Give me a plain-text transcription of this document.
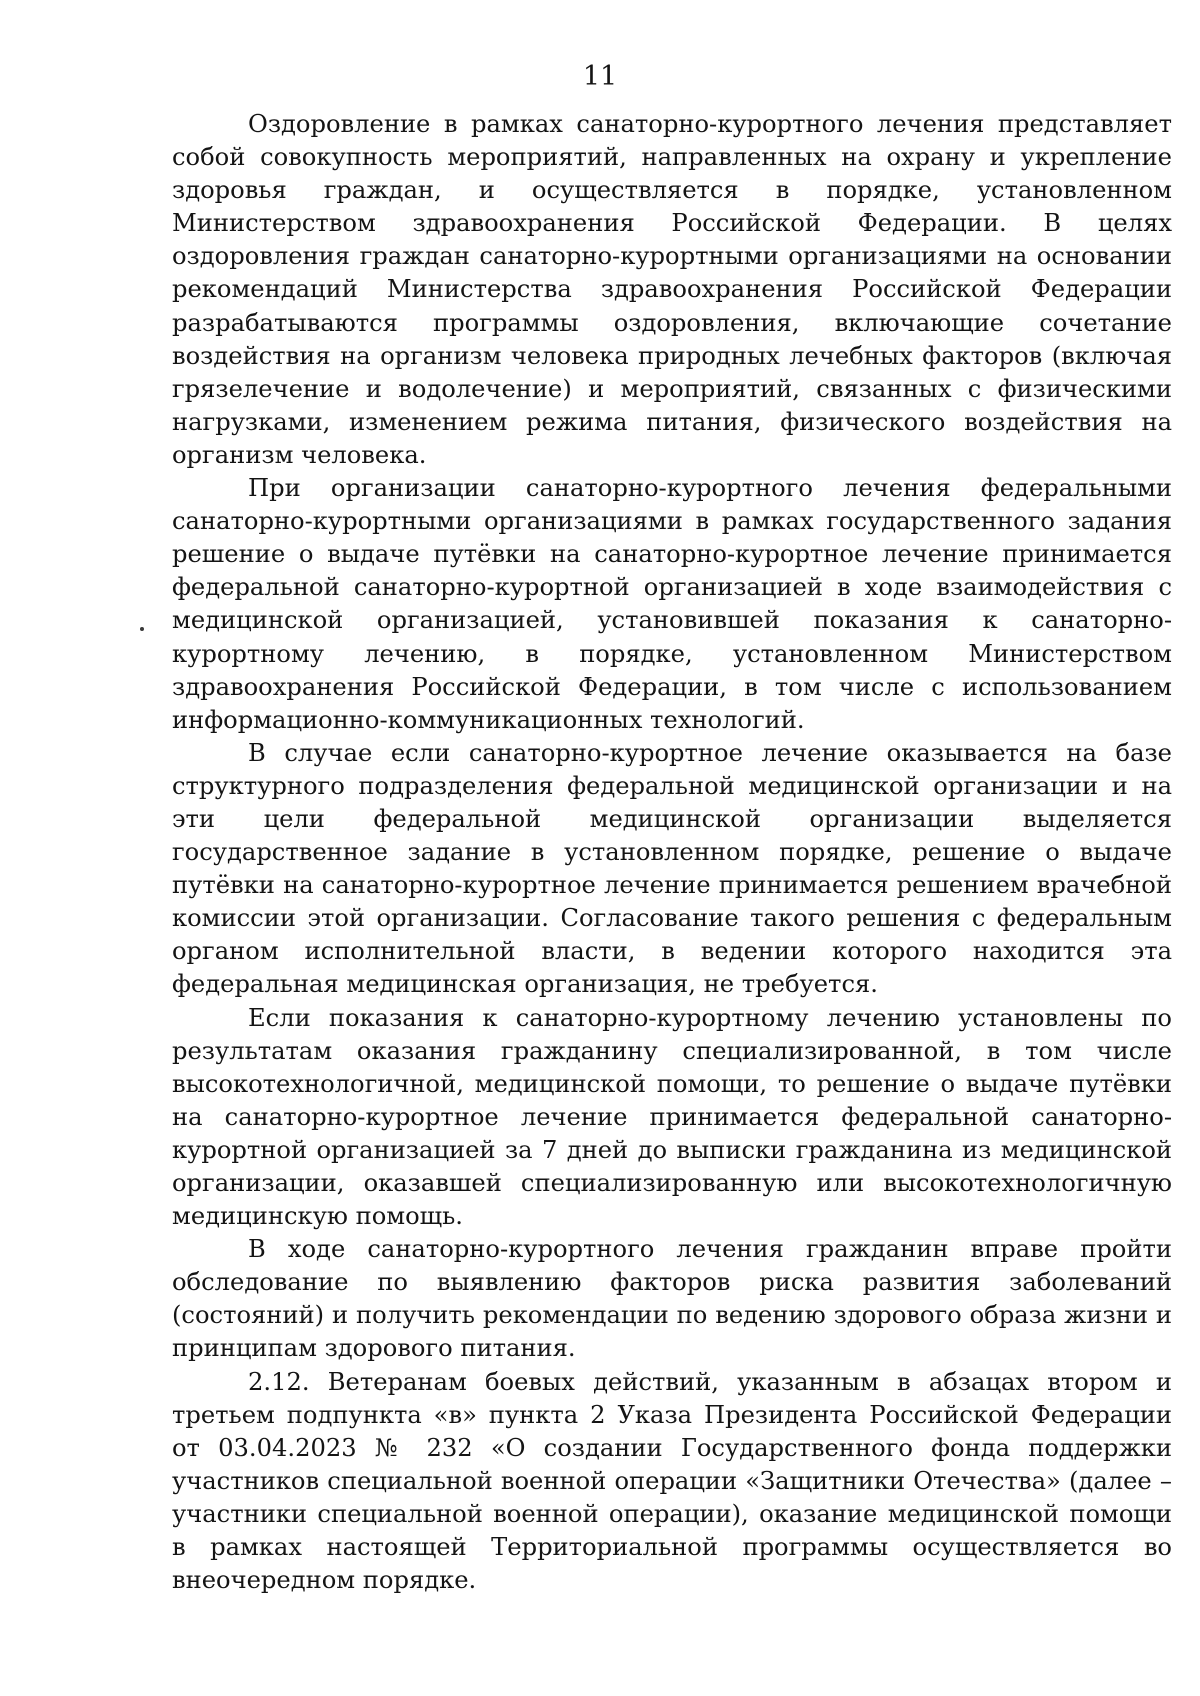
11

Оздоровление в рамках санаторно-курортного лечения представляет собой совокупность мероприятий, направленных на охрану и укрепление здоровья граждан, и осуществляется в порядке, установленном Министерством здравоохранения Российской Федерации. В целях оздоровления граждан санаторно-курортными организациями на основании рекомендаций Министерства здравоохранения Российской Федерации разрабатываются программы оздоровления, включающие сочетание воздействия на организм человека природных лечебных факторов (включая грязелечение и водолечение) и мероприятий, связанных с физическими нагрузками, изменением режима питания, физического воздействия на организм человека.

При организации санаторно-курортного лечения федеральными санаторно-курортными организациями в рамках государственного задания решение о выдаче путёвки на санаторно-курортное лечение принимается федеральной санаторно-курортной организацией в ходе взаимодействия с медицинской организацией, установившей показания к санаторно-курортному лечению, в порядке, установленном Министерством здравоохранения Российской Федерации, в том числе с использованием информационно-коммуникационных технологий.

В случае если санаторно-курортное лечение оказывается на базе структурного подразделения федеральной медицинской организации и на эти цели федеральной медицинской организации выделяется государственное задание в установленном порядке, решение о выдаче путёвки на санаторно-курортное лечение принимается решением врачебной комиссии этой организации. Согласование такого решения с федеральным органом исполнительной власти, в ведении которого находится эта федеральная медицинская организация, не требуется.

Если показания к санаторно-курортному лечению установлены по результатам оказания гражданину специализированной, в том числе высокотехнологичной, медицинской помощи, то решение о выдаче путёвки на санаторно-курортное лечение принимается федеральной санаторно-курортной организацией за 7 дней до выписки гражданина из медицинской организации, оказавшей специализированную или высокотехнологичную медицинскую помощь.

В ходе санаторно-курортного лечения гражданин вправе пройти обследование по выявлению факторов риска развития заболеваний (состояний) и получить рекомендации по ведению здорового образа жизни и принципам здорового питания.

2.12. Ветеранам боевых действий, указанным в абзацах втором и третьем подпункта «в» пункта 2 Указа Президента Российской Федерации от 03.04.2023 № 232 «О создании Государственного фонда поддержки участников специальной военной операции «Защитники Отечества» (далее – участники специальной военной операции), оказание медицинской помощи в рамках настоящей Территориальной программы осуществляется во внеочередном порядке.
